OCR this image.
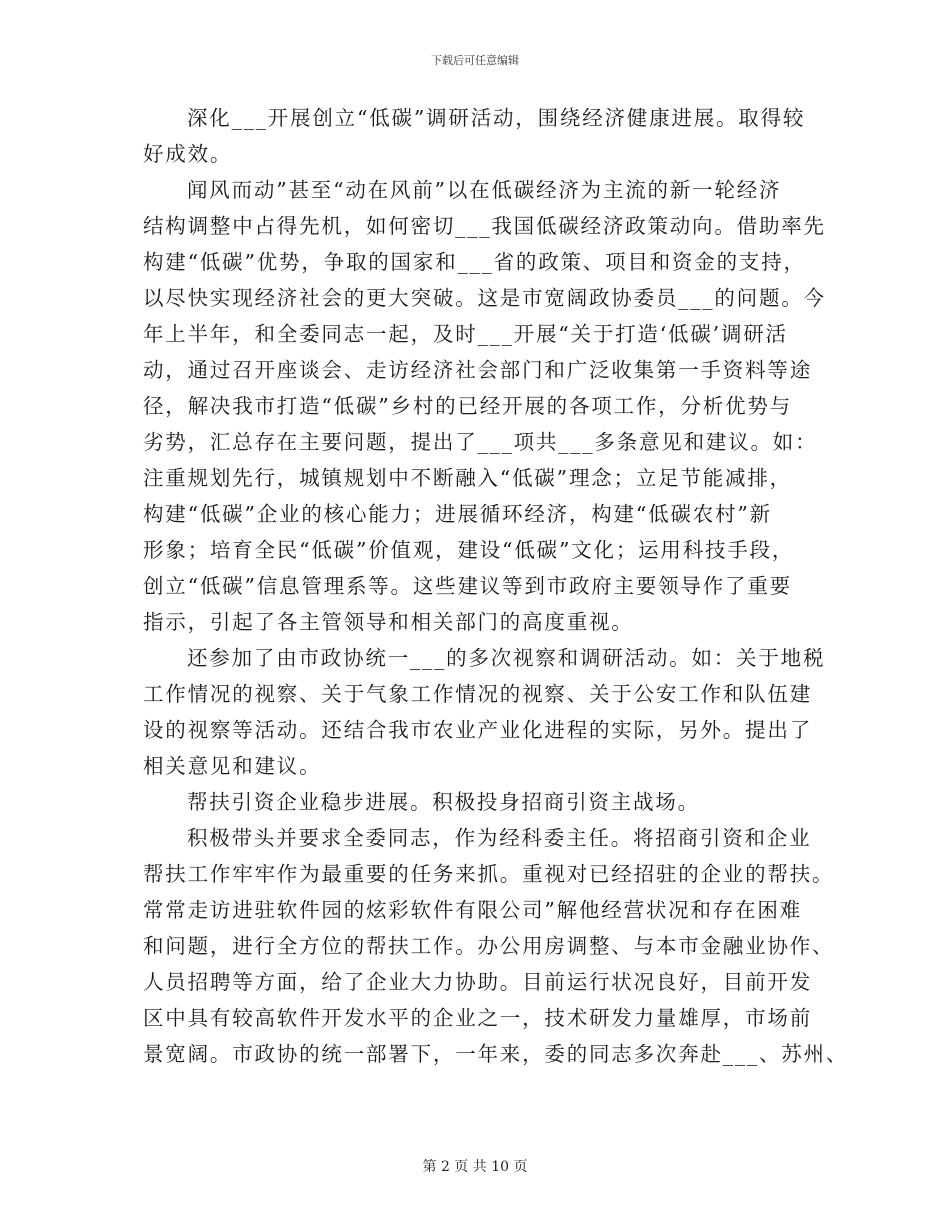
下载后可任意编辑
深化___开展创立“低碳”调研活动，围绕经济健康进展。取得较
好成效。
闻风而动”甚至“动在风前”以在低碳经济为主流的新一轮经济
结构调整中占得先机，如何密切___我国低碳经济政策动向。借助率先
构建“低碳”优势，争取的国家和___省的政策、项目和资金的支持，
以尽快实现经济社会的更大突破。这是市宽阔政协委员___的问题。今
年上半年，和全委同志一起，及时___开展“关于打造‘低碳’调研活
动，通过召开座谈会、走访经济社会部门和广泛收集第一手资料等途
径，解决我市打造“低碳”乡村的已经开展的各项工作，分析优势与
劣势，汇总存在主要问题，提出了___项共___多条意见和建议。如：
注重规划先行，城镇规划中不断融入“低碳”理念；立足节能减排，
构建“低碳”企业的核心能力；进展循环经济，构建“低碳农村”新
形象；培育全民“低碳”价值观，建设“低碳”文化；运用科技手段，
创立“低碳”信息管理系等。这些建议等到市政府主要领导作了重要
指示，引起了各主管领导和相关部门的高度重视。
还参加了由市政协统一___的多次视察和调研活动。如：关于地税
工作情况的视察、关于气象工作情况的视察、关于公安工作和队伍建
设的视察等活动。还结合我市农业产业化进程的实际，另外。提出了
相关意见和建议。
帮扶引资企业稳步进展。积极投身招商引资主战场。
积极带头并要求全委同志，作为经科委主任。将招商引资和企业
帮扶工作牢牢作为最重要的任务来抓。重视对已经招驻的企业的帮扶。
常常走访进驻软件园的炫彩软件有限公司”解他经营状况和存在困难
和问题，进行全方位的帮扶工作。办公用房调整、与本市金融业协作、
人员招聘等方面，给了企业大力协助。目前运行状况良好，目前开发
区中具有较高软件开发水平的企业之一，技术研发力量雄厚，市场前
景宽阔。市政协的统一部署下，一年来，委的同志多次奔赴___、苏州、
第 2 页 共 10 页
